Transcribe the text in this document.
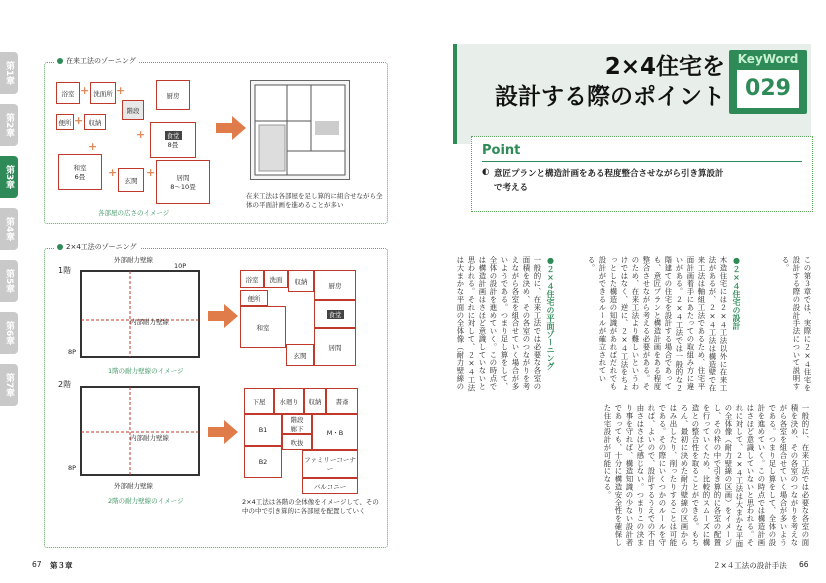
第1章
第2章
第3章
第4章
第5章
第6章
第7章
在来工法のゾーニング
浴室 + 洗面所 +	厨房
階段
便所 + 収納
+	食堂
8畳
+
和室
6畳 +
玄関
+	居間
8～10畳
各部屋の広さのイメージ
在来工法は各部屋を足し算的に組合せながら全体の平面計画を進めることが多い
2×4工法のゾーニング
1階
外部耐力壁線
10P
内部耐力壁線
8P
1階の耐力壁線のイメージ
浴室	洗面	収納	厨房
便所
食堂
和室
居間
玄関
2階
内部耐力壁線
8P
外部耐力壁線
2階の耐力壁線のイメージ
下屋	水廻り	収納	書斎
B1
階段
廊下	M・B
吹抜
B2	ファミリーコーナー
バルコニー
2×4工法は各階の全体像をイメージして、その中の中で引き算的に各部屋を配置していく
67 第３章
2×4住宅を
設計する際のポイント
KeyWord
029
Point
◐ 意匠プランと構造計画をある程度整合させながら引き算設計
で考える
この第３章では、実際に２×４住宅を設計する際の設計手法について説明する。
●２×４住宅の設計
木造住宅には２×４工法以外に在来工法があるが、２×４工法は構造壁で在来工法は軸組工法であるため、住宅平面計画着手にあたっての取組み方に違いがある。２×４工法では一般的な２階建ての住宅を設計する場合であっても、意匠プランと構造計画をある程度整合させながら考える必要がある。そのため、在来工法より難しいというわけではなく、逆に、２×４工法をちょっとした構造の知識があればだれでも設計ができるルールが確立されている。
●２×４住宅の平面ゾーニング
一般的に、在来工法では必要な各室の面積を決め、その各室のつながりを考えながら各室を組合せていく場合が多いようである。つまり足し算をして、全体の設計を進めていく。この時点では構造計画はさほど意識していないと思われる。それに対して、２×４工法は大まかな平面の全体像（耐力壁線の
一般的に、在来工法では必要な各室の面積を決め、その各室のつながりを考えながら各室を組合せていく場合が多いようである。つまり足し算をして、全体の設計を進めていく。この時点では構造計画はさほど意識していないと思われる。それに対して、２×４工法は大まかな平面の全体像（耐力壁線の区画）をイメージし、その枠の中で引き算的に各室の配置を行っていくため、比較的スムーズに構造との整合性を取ることができる。もちろん、最初に決めた耐力壁線の区画からはみ出したり、削ったりすることは可能である。その際にいくつかのルールを守れば、よいので、設計するうえでの不自由さはさほど感じない。つまりこの決まり事を守れば、構造知識の少ない設計者であっても、十分に構造安全性を確保した住宅設計が可能になる。
２×４工法の設計手法 66
